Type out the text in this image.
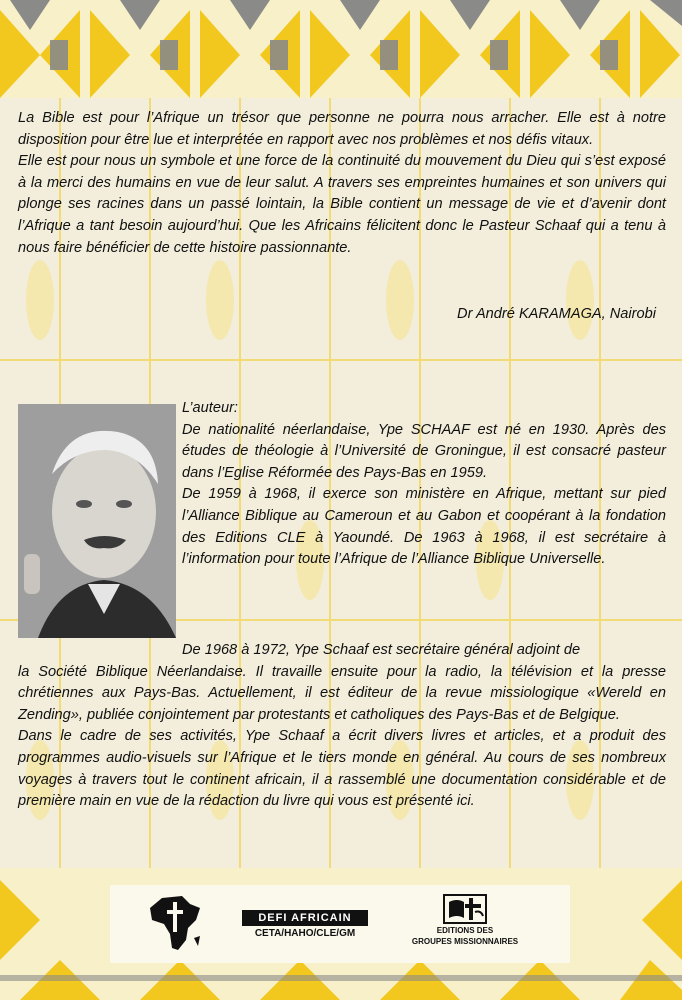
La Bible est pour l’Afrique un trésor que personne ne pourra nous arracher. Elle est à notre disposition pour être lue et interprétée en rapport avec nos problèmes et nos défis vitaux.

Elle est pour nous un symbole et une force de la continuité du mouvement du Dieu qui s’est exposé à la merci des humains en vue de leur salut. A travers ses empreintes humaines et son univers qui plonge ses racines dans un passé lointain, la Bible contient un message de vie et d’avenir dont l’Afrique a tant besoin aujourd’hui. Que les Africains félicitent donc le Pasteur Schaaf qui a tenu à nous faire bénéficier de cette histoire passionnante.

Dr André KARAMAGA, Nairobi

L’auteur:

De nationalité néerlandaise, Ype SCHAAF est né en 1930. Après des études de théologie à l’Université de Groningue, il est consacré pasteur dans l’Eglise Réformée des Pays-Bas en 1959.

De 1959 à 1968, il exerce son ministère en Afrique, mettant sur pied l’Alliance Biblique au Cameroun et au Gabon et coopérant à la fondation des Editions CLE à Yaoundé. De 1963 à 1968, il est secrétaire à l’information pour toute l’Afrique de l’Alliance Biblique Universelle.

De 1968 à 1972, Ype Schaaf est secrétaire général adjoint de

la Société Biblique Néerlandaise. Il travaille ensuite pour la radio, la télévision et la presse chrétiennes aux Pays-Bas. Actuellement, il est éditeur de la revue missiologique «Wereld en Zending», publiée conjointement par protestants et catholiques des Pays-Bas et de Belgique.

Dans le cadre de ses activités, Ype Schaaf a écrit divers livres et articles, et a produit des programmes audio-visuels sur l’Afrique et le tiers monde en général. Au cours de ses nombreux voyages à travers tout le continent africain, il a rassemblé une documentation considérable et de première main en vue de la rédaction du livre qui vous est présenté ici.

DEFI AFRICAIN
CETA/HAHO/CLE/GM	EDITIONS DES
GROUPES MISSIONNAIRES
